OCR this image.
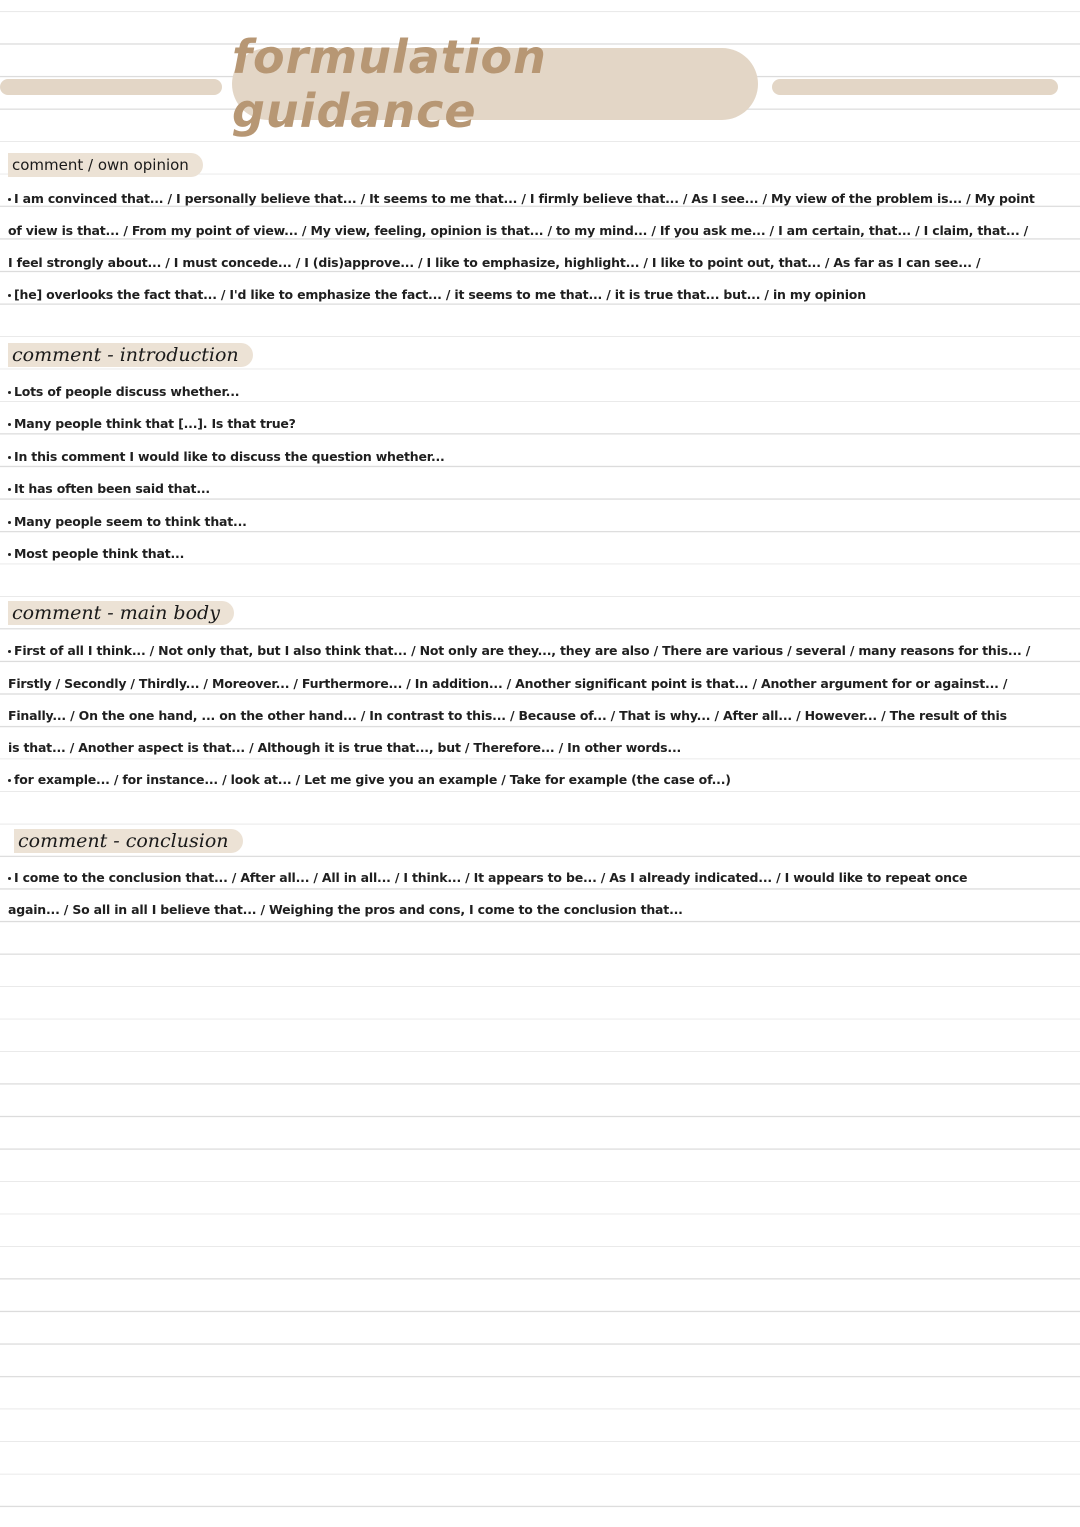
formulation guidance
comment / own opinion
I am convinced that... / I personally believe that... / It seems to me that... / I firmly believe that... / As I see... / My view of the problem is... / My point
of view is that... / From my point of view... / My view, feeling, opinion is that... / to my mind... / If you ask me... / I am certain, that... / I claim, that... /
I feel strongly about... / I must concede... / I (dis)approve... / I like to emphasize, highlight... / I like to point out, that... / As far as I can see... /
[he] overlooks the fact that... / I'd like to emphasize the fact... / it seems to me that... / it is true that... but... / in my opinion
comment - introduction
Lots of people discuss whether...
Many people think that [...]. Is that true?
In this comment I would like to discuss the question whether...
It has often been said that...
Many people seem to think that...
Most people think that...
comment - main body
First of all I think... / Not only that, but I also think that... / Not only are they..., they are also / There are various / several / many reasons for this... /
Firstly / Secondly / Thirdly... / Moreover... / Furthermore... / In addition... / Another significant point is that... / Another argument for or against... /
Finally... / On the one hand, ... on the other hand... / In contrast to this... / Because of... / That is why... / After all... / However... / The result of this
is that... / Another aspect is that... / Although it is true that..., but / Therefore... / In other words...
for example... / for instance... / look at... / Let me give you an example / Take for example (the case of...)
comment - conclusion
I come to the conclusion that... / After all... / All in all... / I think... / It appears to be... / As I already indicated... / I would like to repeat once
again... / So all in all I believe that... / Weighing the pros and cons, I come to the conclusion that...
